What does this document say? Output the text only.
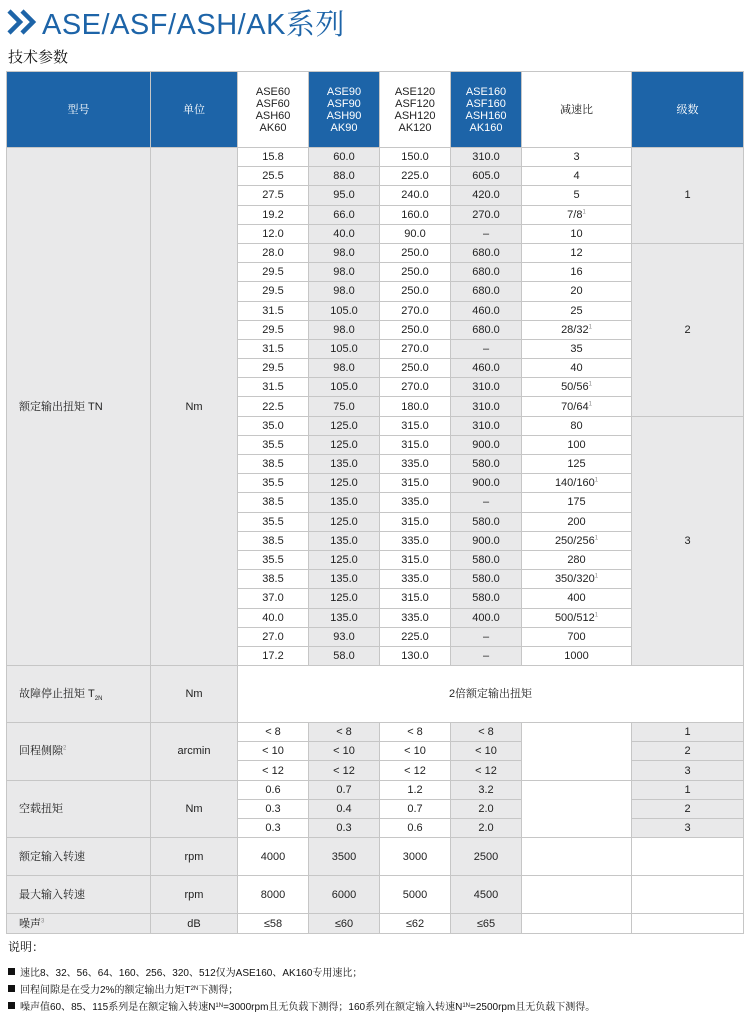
ASE/ASF/ASH/AK系列
技术参数
型号	单位	ASE60
ASF60
ASH60
AK60	ASE90
ASF90
ASH90
AK90	ASE120
ASF120
ASH120
AK120	ASE160
ASF160
ASH160
AK160	减速比	级数
额定输出扭矩 TN	Nm	15.8	60.0	150.0	310.0	3	1
		25.5	88.0	225.0	605.0	4	
		27.5	95.0	240.0	420.0	5	
		19.2	66.0	160.0	270.0	$7/8^1$
		12.0	40.0	90.0	–	10	
		28.0	98.0	250.0	680.0	12	2
		29.5	98.0	250.0	680.0	16	
		29.5	98.0	250.0	680.0	20	
		31.5	105.0	270.0	460.0	25	
		29.5	98.0	250.0	680.0	$28/32^1$
		31.5	105.0	270.0	–	35	
		29.5	98.0	250.0	460.0	40	
		31.5	105.0	270.0	310.0	$50/56^1$
		22.5	75.0	180.0	310.0	$70/64^1$
		35.0	125.0	315.0	310.0	80	3
		35.5	125.0	315.0	900.0	100	
		38.5	135.0	335.0	580.0	125	
		35.5	125.0	315.0	900.0	$140/160^1$
		38.5	135.0	335.0	–	175	
		35.5	125.0	315.0	580.0	200	
		38.5	135.0	335.0	900.0	$250/256^1$
		35.5	125.0	315.0	580.0	280	
		38.5	135.0	335.0	580.0	$350/320^1$
		37.0	125.0	315.0	580.0	400	
		40.0	135.0	335.0	400.0	$500/512^1$
		27.0	93.0	225.0	–	700	
		17.2	58.0	130.0	–	1000	
故障停止扭矩 $T_{2N}$	Nm	2倍额定输出扭矩					
回程侧隙$^2$	arcmin	< 8	< 8	< 8	< 8		1
		< 10	< 10	< 10	< 10		2
		< 12	< 12	< 12	< 12		3
空载扭矩	Nm	0.6	0.7	1.2	3.2		1
		0.3	0.4	0.7	2.0		2
		0.3	0.3	0.6	2.0		3
额定输入转速	rpm	4000	3500	3000	2500		
最大输入转速	rpm	8000	6000	5000	4500		
噪声$^3$	dB	≤58	≤60	≤62	≤65		
说明：
速比8、32、56、64、160、256、320、512仅为ASE160、AK160专用速比；
回程间隙是在受力2%的额定输出力矩T 2N 下测得；
噪声值60、85、115系列是在额定输入转速N 1N =3000rpm且无负载下测得；160系列在额定输入转速N 1N =2500rpm且无负载下测得。
